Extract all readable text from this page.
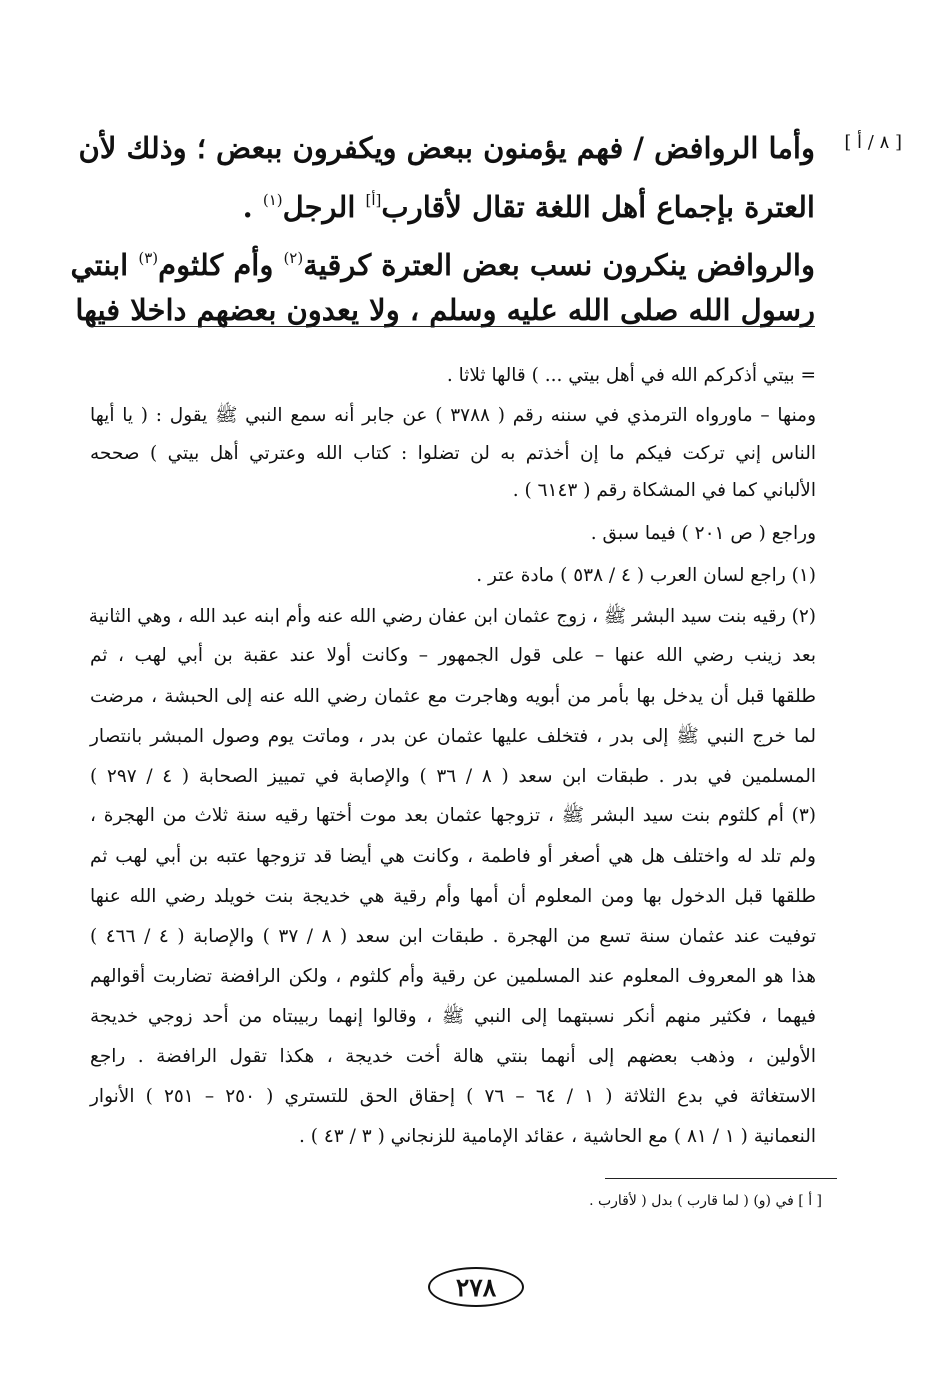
[ ٨ / أ ]
وأما الروافض / فهم يؤمنون ببعض ويكفرون ببعض ؛ وذلك لأن
العترة بإجماع أهل اللغة تقال لأقارب[أ] الرجل$^{(١)}$ .
والروافض ينكرون نسب بعض العترة كرقية$^{(٢)}$ وأم كلثوم$^{(٣)}$ ابنتي
رسول الله صلى الله عليه وسلم ، ولا يعدون بعضهم داخلا فيها
= بيتي أذكركم الله في أهل بيتي ... ) قالها ثلاثا .
ومنها – ماورواه الترمذي في سننه رقم ( ٣٧٨٨ ) عن جابر أنه سمع النبي ﷺ يقول : ( يا أيها
الناس إني تركت فيكم ما إن أخذتم به لن تضلوا : كتاب الله وعترتي أهل بيتي ) صححه
الألباني كما في المشكاة رقم ( ٦١٤٣ ) .
وراجع ( ص ٢٠١ ) فيما سبق .
(١) راجع لسان العرب ( ٤ / ٥٣٨ ) مادة عتر .
(٢) رقيه بنت سيد البشر ﷺ ، زوج عثمان ابن عفان رضي الله عنه وأم ابنه عبد الله ، وهي الثانية
بعد زينب رضي الله عنها – على قول الجمهور – وكانت أولا عند عقبة بن أبي لهب ، ثم
طلقها قبل أن يدخل بها بأمر من أبويه وهاجرت مع عثمان رضي الله عنه إلى الحبشة ، مرضت
لما خرج النبي ﷺ إلى بدر ، فتخلف عليها عثمان عن بدر ، وماتت يوم وصول المبشر بانتصار
المسلمين في بدر . طبقات ابن سعد ( ٨ / ٣٦ ) والإصابة في تمييز الصحابة ( ٤ / ٢٩٧ )
(٣) أم كلثوم بنت سيد البشر ﷺ ، تزوجها عثمان بعد موت أختها رقيه سنة ثلاث من الهجرة ،
ولم تلد له واختلف هل هي أصغر أو فاطمة ، وكانت هي أيضا قد تزوجها عتبه بن أبي لهب ثم
طلقها قبل الدخول بها ومن المعلوم أن أمها وأم رقية هي خديجة بنت خويلد رضي الله عنها
توفيت عند عثمان سنة تسع من الهجرة . طبقات ابن سعد ( ٨ / ٣٧ ) والإصابة ( ٤ / ٤٦٦ )
هذا هو المعروف المعلوم عند المسلمين عن رقية وأم كلثوم ، ولكن الرافضة تضاربت أقوالهم
فيهما ، فكثير منهم أنكر نسبتهما إلى النبي ﷺ ، وقالوا إنهما ربيبتاه من أحد زوجي خديجة
الأولين ، وذهب بعضهم إلى أنهما بنتي هالة أخت خديجة ، هكذا تقول الرافضة . راجع
الاستغاثة في بدع الثلاثة ( ١ / ٦٤ – ٧٦ ) إحقاق الحق للتستري ( ٢٥٠ – ٢٥١ ) الأنوار
النعمانية ( ١ / ٨١ ) مع الحاشية ، عقائد الإمامية للزنجاني ( ٣ / ٤٣ ) .
[ أ ] في (و) ( لما قارب ) بدل ( لأقارب .
٢٧٨
